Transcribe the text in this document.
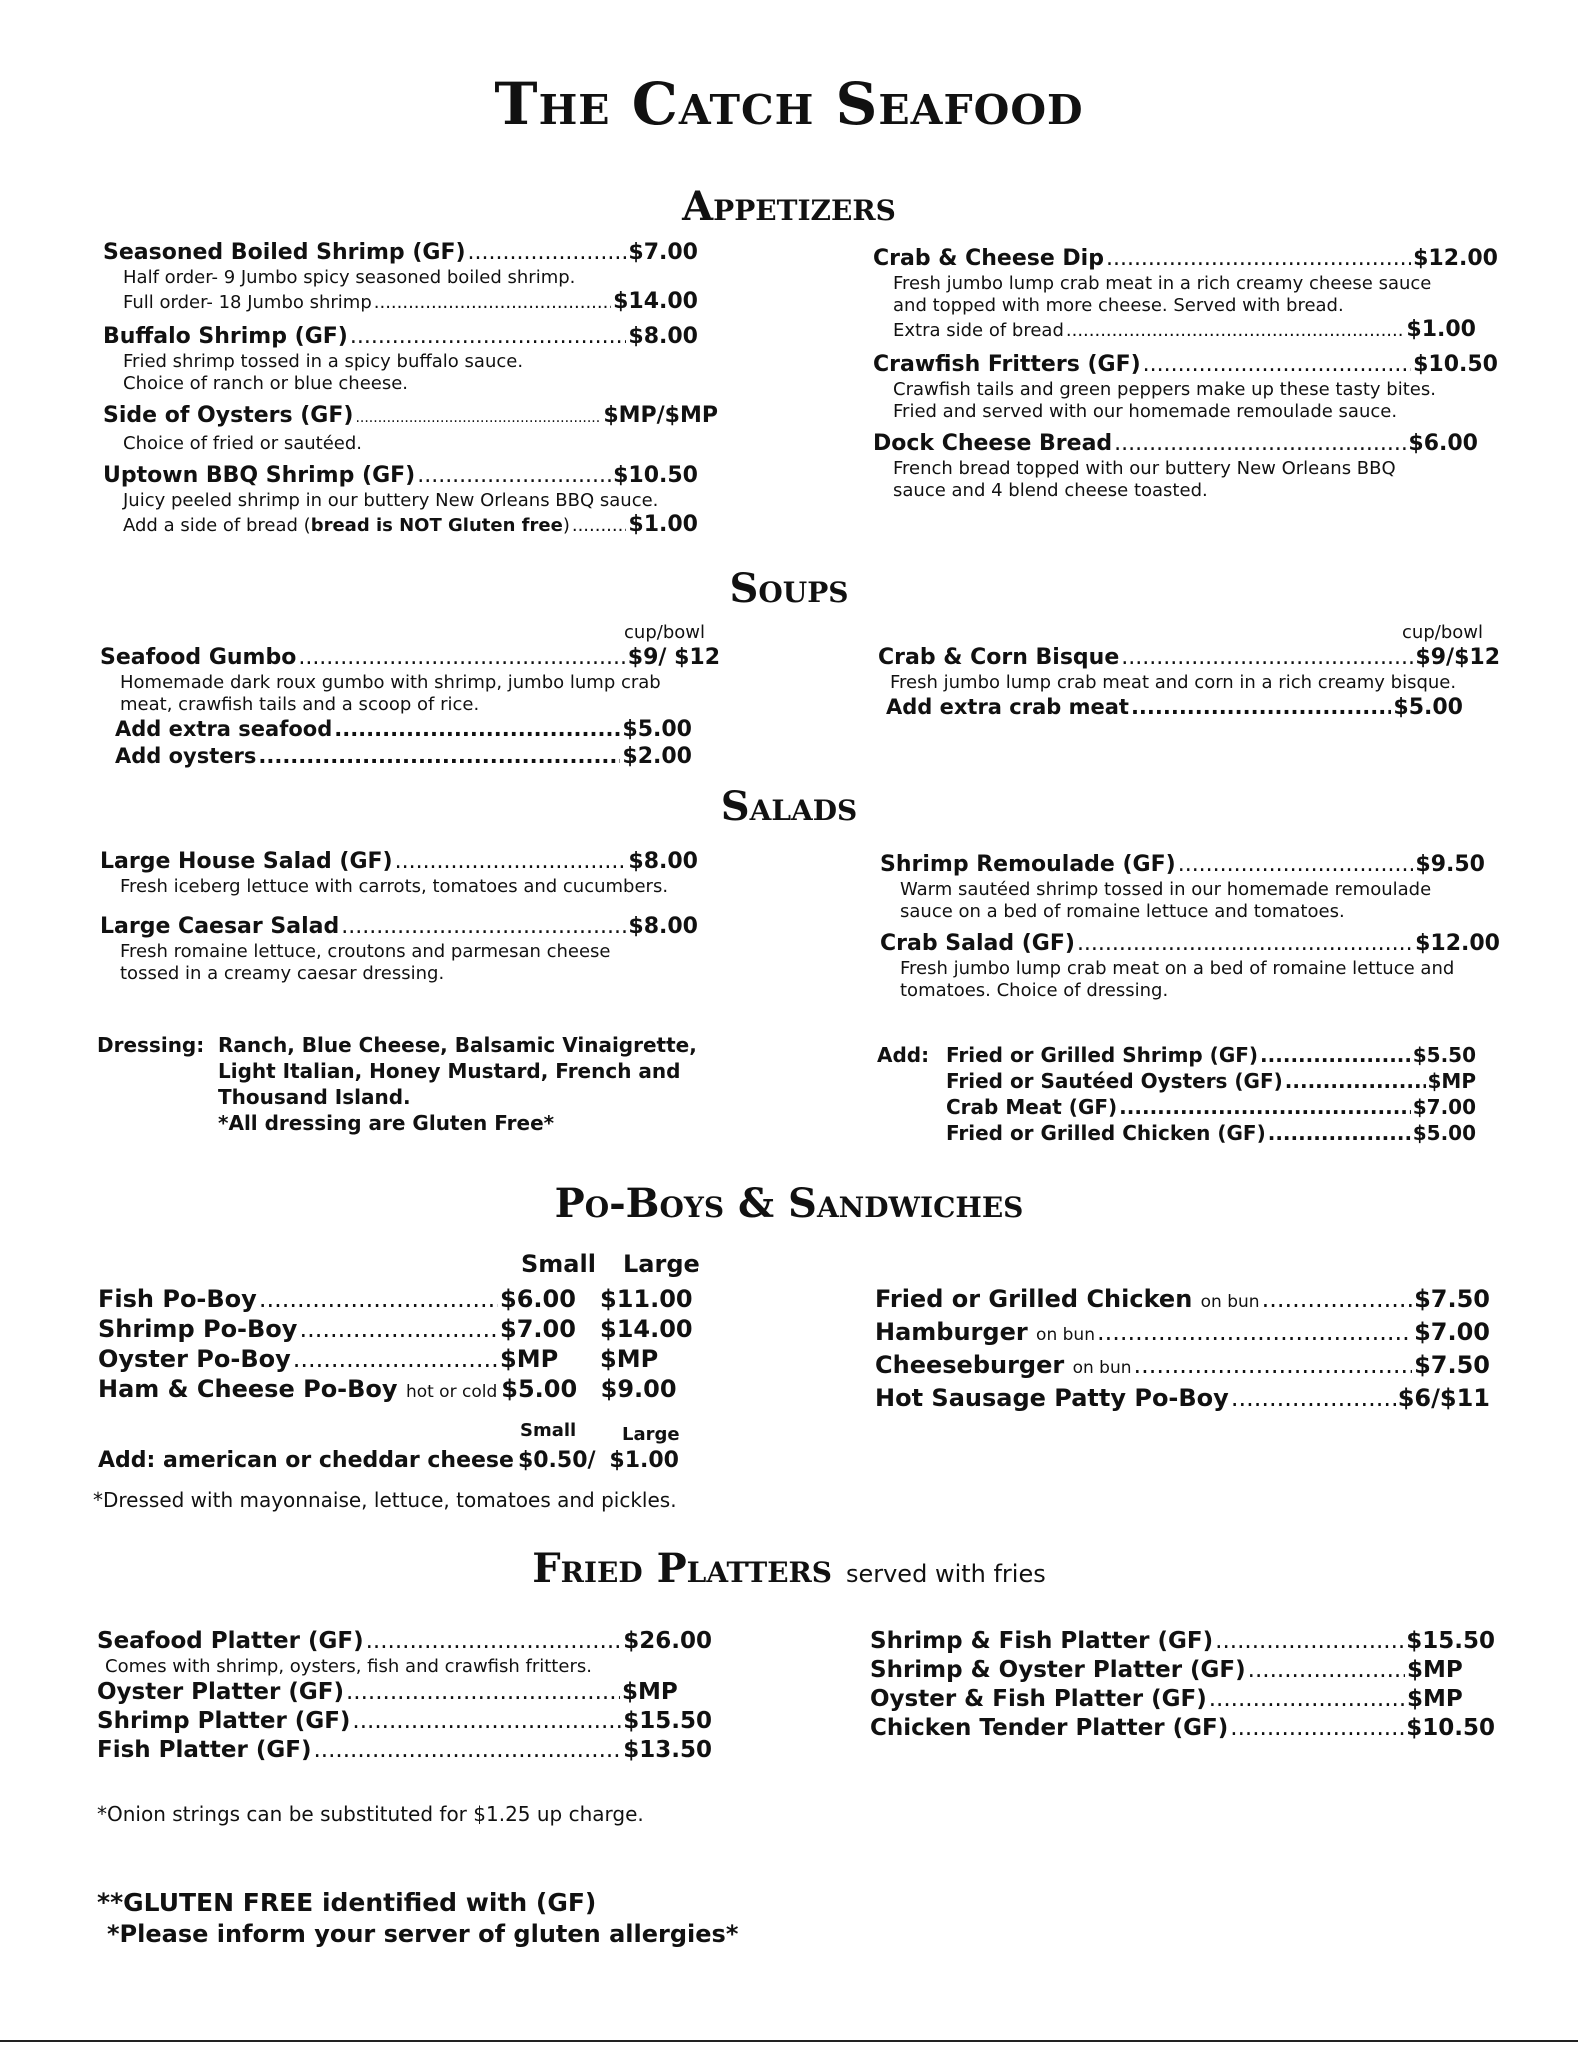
The Catch Seafood
Appetizers
Seasoned Boiled Shrimp (GF) .....	$7.00
Half order- 9 Jumbo spicy seasoned boiled shrimp.
Full order- 18 Jumbo shrimp .....	$14.00
Buffalo Shrimp (GF) .....	$8.00
Fried shrimp tossed in a spicy buffalo sauce.
Choice of ranch or blue cheese.
Side of Oysters (GF) .....	$MP/$MP
Choice of fried or sautéed.
Uptown BBQ Shrimp (GF) .....	$10.50
Juicy peeled shrimp in our buttery New Orleans BBQ sauce.
Add a side of bread (bread is NOT Gluten free) .....	$1.00
Crab & Cheese Dip .....	$12.00
Fresh jumbo lump crab meat in a rich creamy cheese sauce
and topped with more cheese. Served with bread.
Extra side of bread .....	$1.00
Crawfish Fritters (GF) .....	$10.50
Crawfish tails and green peppers make up these tasty bites.
Fried and served with our homemade remoulade sauce.
Dock Cheese Bread .....	$6.00
French bread topped with our buttery New Orleans BBQ
sauce and 4 blend cheese toasted.
Soups
cup/bowl
Seafood Gumbo .....	$9/ $12
Homemade dark roux gumbo with shrimp, jumbo lump crab
meat, crawfish tails and a scoop of rice.
Add extra seafood .....	$5.00
Add oysters .....	$2.00
cup/bowl
Crab & Corn Bisque .....	$9/$12
Fresh jumbo lump crab meat and corn in a rich creamy bisque.
Add extra crab meat .....	$5.00
Salads
Large House Salad (GF) .....	$8.00
Fresh iceberg lettuce with carrots, tomatoes and cucumbers.
Large Caesar Salad .....	$8.00
Fresh romaine lettuce, croutons and parmesan cheese
tossed in a creamy caesar dressing.
Dressing: Ranch, Blue Cheese, Balsamic Vinaigrette,
Light Italian, Honey Mustard, French and
Thousand Island.
*All dressing are Gluten Free*
Shrimp Remoulade (GF) .....	$9.50
Warm sautéed shrimp tossed in our homemade remoulade
sauce on a bed of romaine lettuce and tomatoes.
Crab Salad (GF) .....	$12.00
Fresh jumbo lump crab meat on a bed of romaine lettuce and
tomatoes. Choice of dressing.
Add: Fried or Grilled Shrimp (GF) .....	$5.50
Fried or Sautéed Oysters (GF) .....	$MP
Crab Meat (GF) .....	$7.00
Fried or Grilled Chicken (GF) .....	$5.00
Po-Boys & Sandwiches
Small Large
Fish Po-Boy .....	$6.00	$11.00
Shrimp Po-Boy .....	$7.00	$14.00
Oyster Po-Boy .....	$MP	$MP
Ham & Cheese Po-Boy hot or cold $5.00 $9.00
Small	Large
Add: american or cheddar cheese $0.50/ $1.00
*Dressed with mayonnaise, lettuce, tomatoes and pickles.
Fried or Grilled Chicken on bun .....	$7.50
Hamburger on bun .....	$7.00
Cheeseburger on bun .....	$7.50
Hot Sausage Patty Po-Boy .....	$6/$11
Fried Platters served with fries
Seafood Platter (GF) .....	$26.00
Comes with shrimp, oysters, fish and crawfish fritters.
Oyster Platter (GF) .....	$MP
Shrimp Platter (GF) .....	$15.50
Fish Platter (GF) .....	$13.50
*Onion strings can be substituted for $1.25 up charge.
Shrimp & Fish Platter (GF) .....	$15.50
Shrimp & Oyster Platter (GF) .....	$MP
Oyster & Fish Platter (GF) .....	$MP
Chicken Tender Platter (GF) .....	$10.50
**GLUTEN FREE identified with (GF)
*Please inform your server of gluten allergies*
